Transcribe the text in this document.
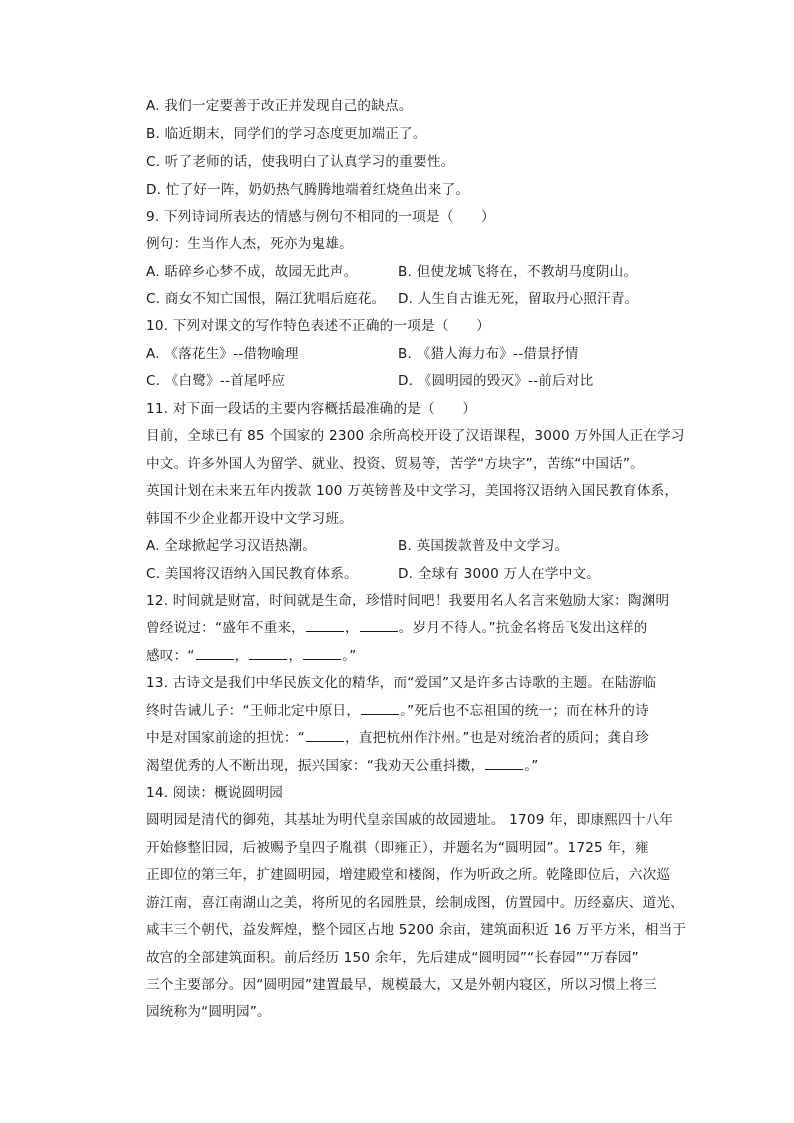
A. 我们一定要善于改正并发现自己的缺点。
B. 临近期末，同学们的学习态度更加端正了。
C. 听了老师的话，使我明白了认真学习的重要性。
D. 忙了好一阵，奶奶热气腾腾地端着红烧鱼出来了。
9. 下列诗词所表达的情感与例句不相同的一项是（　　）
例句：生当作人杰，死亦为鬼雄。
A. 聒碎乡心梦不成，故园无此声。	B. 但使龙城飞将在，不教胡马度阴山。
C. 商女不知亡国恨，隔江犹唱后庭花。 D. 人生自古谁无死，留取丹心照汗青。
10. 下列对课文的写作特色表述不正确的一项是（　　）
A. 《落花生》--借物喻理	B. 《猎人海力布》--借景抒情
C. 《白鹭》--首尾呼应	D. 《圆明园的毁灭》--前后对比
11. 对下面一段话的主要内容概括最准确的是（　　）
目前，全球已有 85 个国家的 2300 余所高校开设了汉语课程，3000 万外国人正在学习
中文。许多外国人为留学、就业、投资、贸易等，苦学“方块字”，苦练“中国话”。
英国计划在未来五年内拨款 100 万英镑普及中文学习，美国将汉语纳入国民教育体系，
韩国不少企业都开设中文学习班。
A. 全球掀起学习汉语热潮。	B. 英国拨款普及中文学习。
C. 美国将汉语纳入国民教育体系。	D. 全球有 3000 万人在学中文。
12. 时间就是财富，时间就是生命，珍惜时间吧！我要用名人名言来勉励大家：陶渊明
曾经说过：“盛年不重来，	，	。岁月不待人。”抗金名将岳飞发出这样的
感叹：“	，	，	。”
13. 古诗文是我们中华民族文化的精华，而“爱国”又是许多古诗歌的主题。在陆游临
终时告诫儿子：“王师北定中原日，	。”死后也不忘祖国的统一；而在林升的诗
中是对国家前途的担忧：“	，直把杭州作汴州。”也是对统治者的质问；龚自珍
渴望优秀的人不断出现，振兴国家：“我劝天公重抖擞，	。”
14. 阅读：概说圆明园
圆明园是清代的御苑，其基址为明代皇亲国戚的故园遗址。 1709 年，即康熙四十八年
开始修整旧园，后被赐予皇四子胤祺（即雍正），并题名为“圆明园”。1725 年，雍
正即位的第三年，扩建圆明园，增建殿堂和楼阁，作为听政之所。乾隆即位后，六次巡
游江南，喜江南湖山之美，将所见的名园胜景，绘制成图，仿置园中。历经嘉庆、道光、
咸丰三个朝代，益发辉煌，整个园区占地 5200 余亩，建筑面积近 16 万平方米，相当于
故宫的全部建筑面积。前后经历 150 余年，先后建成“圆明园”“长春园”“万春园”
三个主要部分。因“圆明园”建置最早，规模最大，又是外朝内寝区，所以习惯上将三
园统称为“圆明园”。
